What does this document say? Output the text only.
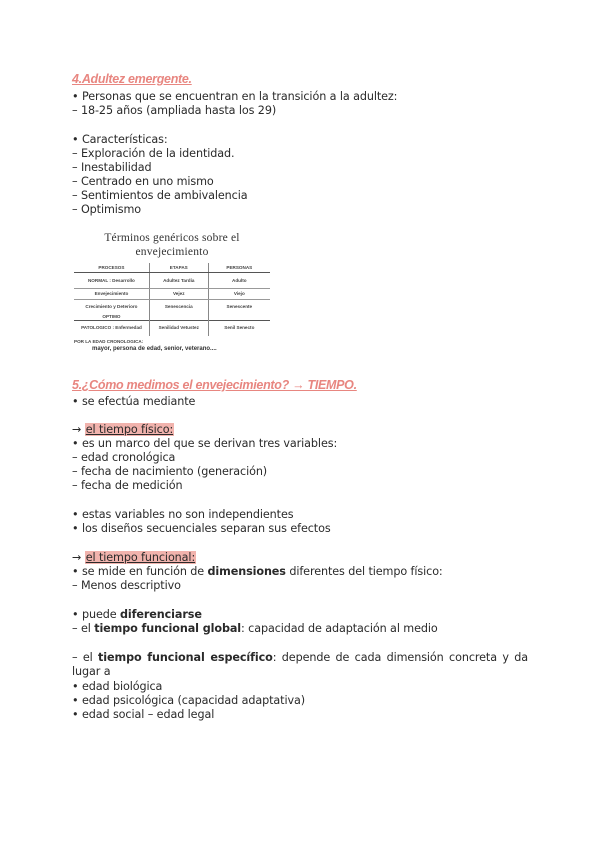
4.Adultez emergente.
• Personas que se encuentran en la transición a la adultez:
– 18-25 años (ampliada hasta los 29)
• Características:
– Exploración de la identidad.
– Inestabilidad
– Centrado en uno mismo
– Sentimientos de ambivalencia
– Optimismo
Términos genéricos sobre el
envejecimiento
PROCESOS	ETAPAS	PERSONAS
NORMAL : Desarrollo	Adultez Tardía	Adulto
Envejecimiento	Vejez	Viejo
Crecimiento y Deterioro	Senescencia	Senescente
OPTIMO		
PATOLOGICO : Enfermedad	Senilidad Vetustez	Senil Senecto
POR LA EDAD CRONOLOGICA:
mayor, persona de edad, senior, veterano....
5.¿Cómo medimos el envejecimiento? → TIEMPO.
• se efectúa mediante
→ el tiempo físico:
• es un marco del que se derivan tres variables:
– edad cronológica
– fecha de nacimiento (generación)
– fecha de medición
• estas variables no son independientes
• los diseños secuenciales separan sus efectos
→ el tiempo funcional:
• se mide en función de dimensiones diferentes del tiempo físico:
– Menos descriptivo
• puede diferenciarse
– el tiempo funcional global: capacidad de adaptación al medio
– el tiempo funcional específico: depende de cada dimensión concreta y da
lugar a
• edad biológica
• edad psicológica (capacidad adaptativa)
• edad social – edad legal
